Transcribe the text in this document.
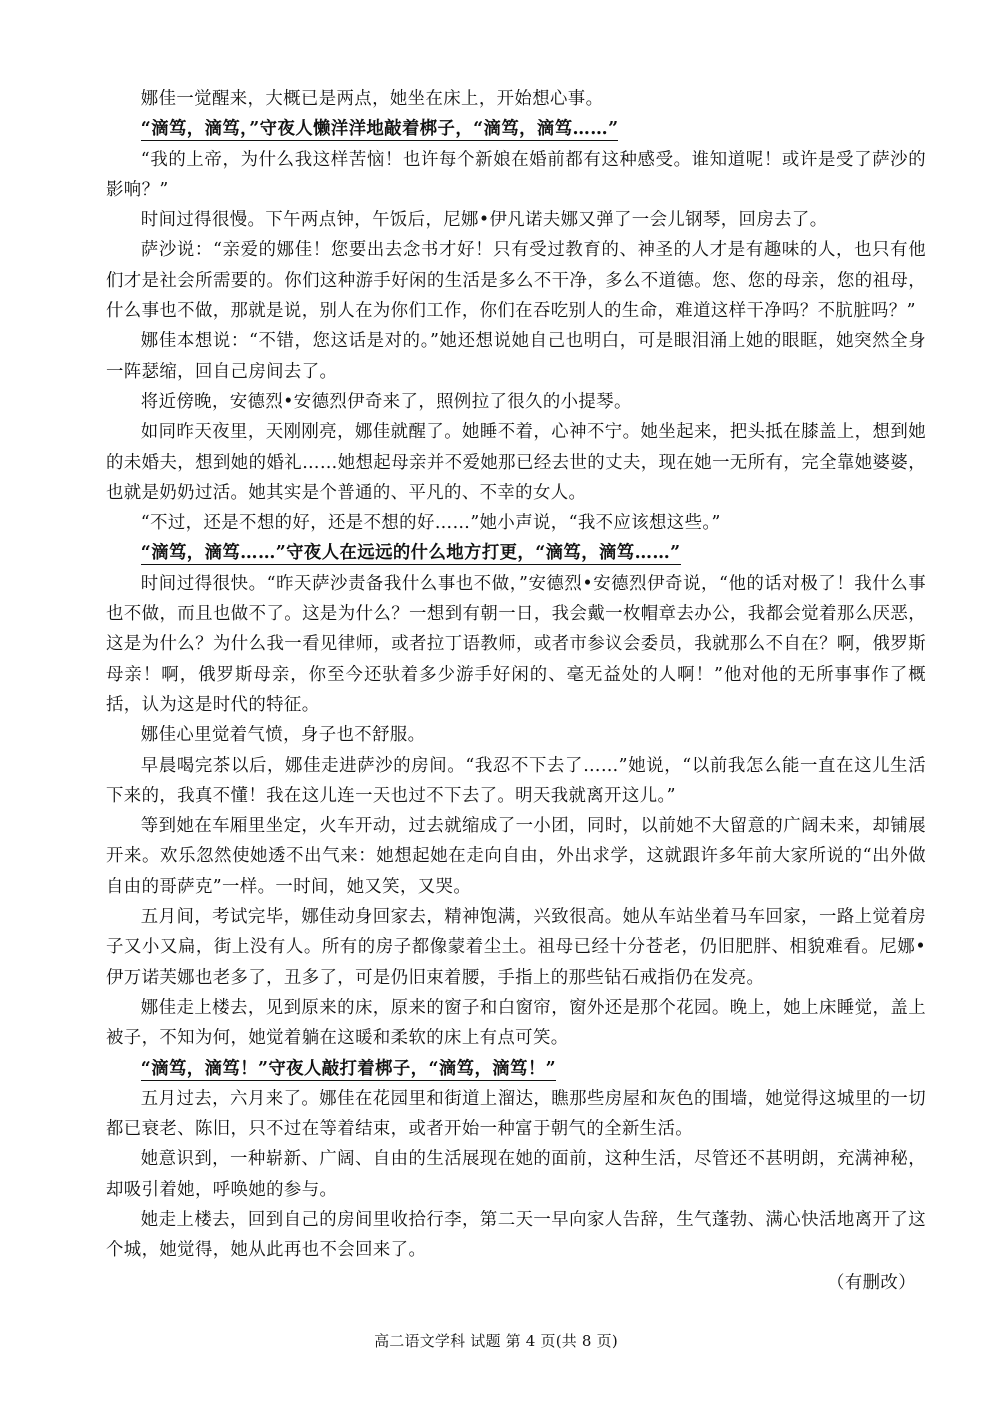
娜佳一觉醒来，大概已是两点，她坐在床上，开始想心事。

“滴笃，滴笃，”守夜人懒洋洋地敲着梆子，“滴笃，滴笃……”

“我的上帝，为什么我这样苦恼！也许每个新娘在婚前都有这种感受。谁知道呢！或许是受了萨沙的影响？”

时间过得很慢。下午两点钟，午饭后，尼娜•伊凡诺夫娜又弹了一会儿钢琴，回房去了。

萨沙说：“亲爱的娜佳！您要出去念书才好！只有受过教育的、神圣的人才是有趣味的人，也只有他们才是社会所需要的。你们这种游手好闲的生活是多么不干净，多么不道德。您、您的母亲，您的祖母，什么事也不做，那就是说，别人在为你们工作，你们在吞吃别人的生命，难道这样干净吗？不肮脏吗？”

娜佳本想说：“不错，您这话是对的。”她还想说她自己也明白，可是眼泪涌上她的眼眶，她突然全身一阵瑟缩，回自己房间去了。

将近傍晚，安德烈•安德烈伊奇来了，照例拉了很久的小提琴。

如同昨天夜里，天刚刚亮，娜佳就醒了。她睡不着，心神不宁。她坐起来，把头抵在膝盖上，想到她的未婚夫，想到她的婚礼……她想起母亲并不爱她那已经去世的丈夫，现在她一无所有，完全靠她婆婆，也就是奶奶过活。她其实是个普通的、平凡的、不幸的女人。

“不过，还是不想的好，还是不想的好……”她小声说，“我不应该想这些。”

“滴笃，滴笃……”守夜人在远远的什么地方打更，“滴笃，滴笃……”

时间过得很快。“昨天萨沙责备我什么事也不做，”安德烈•安德烈伊奇说，“他的话对极了！我什么事也不做，而且也做不了。这是为什么？一想到有朝一日，我会戴一枚帽章去办公，我都会觉着那么厌恶，这是为什么？为什么我一看见律师，或者拉丁语教师，或者市参议会委员，我就那么不自在？啊，俄罗斯母亲！啊，俄罗斯母亲，你至今还驮着多少游手好闲的、毫无益处的人啊！”他对他的无所事事作了概括，认为这是时代的特征。

娜佳心里觉着气愤，身子也不舒服。

早晨喝完茶以后，娜佳走进萨沙的房间。“我忍不下去了……”她说，“以前我怎么能一直在这儿生活下来的，我真不懂！我在这儿连一天也过不下去了。明天我就离开这儿。”

等到她在车厢里坐定，火车开动，过去就缩成了一小团，同时，以前她不大留意的广阔未来，却铺展开来。欢乐忽然使她透不出气来：她想起她在走向自由，外出求学，这就跟许多年前大家所说的“出外做自由的哥萨克”一样。一时间，她又笑，又哭。

五月间，考试完毕，娜佳动身回家去，精神饱满，兴致很高。她从车站坐着马车回家，一路上觉着房子又小又扁，街上没有人。所有的房子都像蒙着尘土。祖母已经十分苍老，仍旧肥胖、相貌难看。尼娜•伊万诺芙娜也老多了，丑多了，可是仍旧束着腰，手指上的那些钻石戒指仍在发亮。

娜佳走上楼去，见到原来的床，原来的窗子和白窗帘，窗外还是那个花园。晚上，她上床睡觉，盖上被子，不知为何，她觉着躺在这暖和柔软的床上有点可笑。

“滴笃，滴笃！”守夜人敲打着梆子，“滴笃，滴笃！”

五月过去，六月来了。娜佳在花园里和街道上溜达，瞧那些房屋和灰色的围墙，她觉得这城里的一切都已衰老、陈旧，只不过在等着结束，或者开始一种富于朝气的全新生活。

她意识到，一种崭新、广阔、自由的生活展现在她的面前，这种生活，尽管还不甚明朗，充满神秘，却吸引着她，呼唤她的参与。

她走上楼去，回到自己的房间里收拾行李，第二天一早向家人告辞，生气蓬勃、满心快活地离开了这个城，她觉得，她从此再也不会回来了。

（有删改）
高二语文学科 试题 第 4 页(共 8 页)
